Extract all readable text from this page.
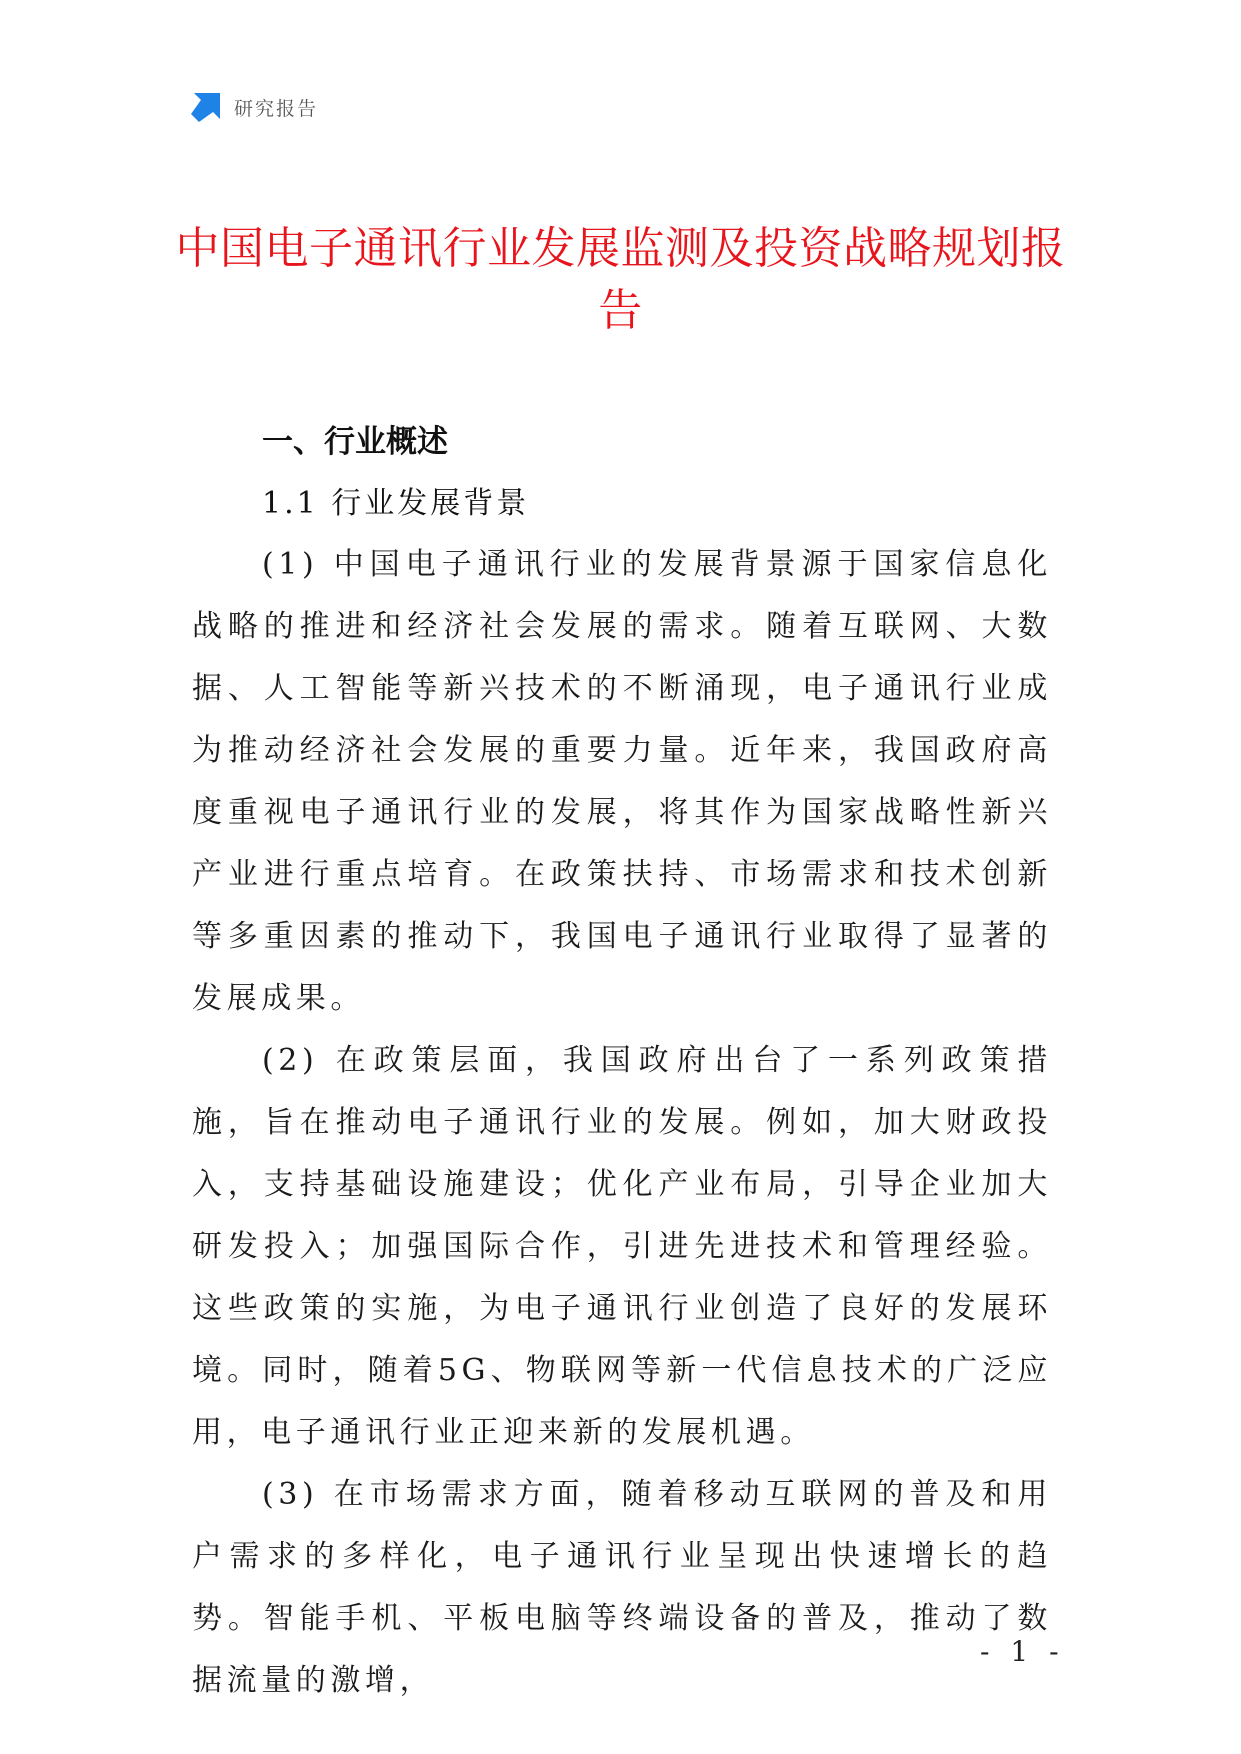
研究报告
中国电子通讯行业发展监测及投资战略规划报告
一、行业概述
1.1 行业发展背景

(1) 中国电子通讯行业的发展背景源于国家信息化战略的推进和经济社会发展的需求。随着互联网、大数据、人工智能等新兴技术的不断涌现，电子通讯行业成为推动经济社会发展的重要力量。近年来，我国政府高度重视电子通讯行业的发展，将其作为国家战略性新兴产业进行重点培育。在政策扶持、市场需求和技术创新等多重因素的推动下，我国电子通讯行业取得了显著的发展成果。

(2) 在政策层面，我国政府出台了一系列政策措施，旨在推动电子通讯行业的发展。例如，加大财政投入，支持基础设施建设；优化产业布局，引导企业加大研发投入；加强国际合作，引进先进技术和管理经验。这些政策的实施，为电子通讯行业创造了良好的发展环境。同时，随着5G、物联网等新一代信息技术的广泛应用，电子通讯行业正迎来新的发展机遇。

(3) 在市场需求方面，随着移动互联网的普及和用户需求的多样化，电子通讯行业呈现出快速增长的趋势。智能手机、平板电脑等终端设备的普及，推动了数据流量的激增，

- 1 -
